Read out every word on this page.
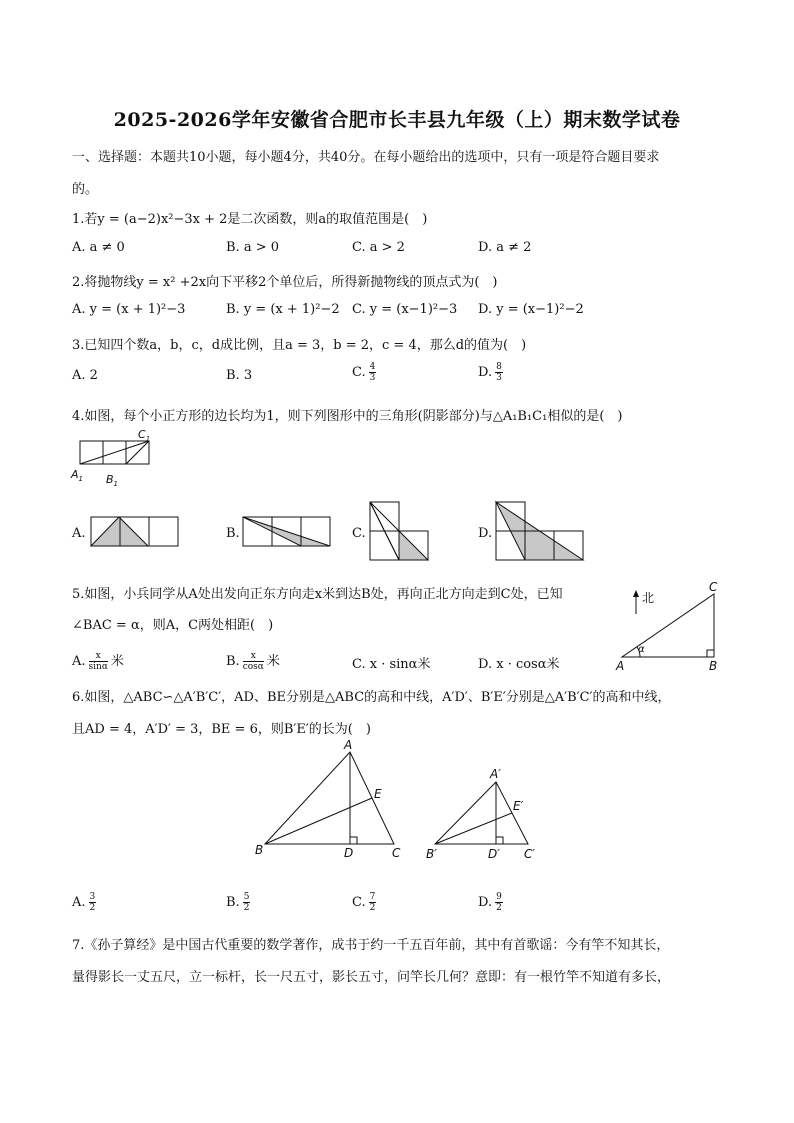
2025-2026学年安徽省合肥市长丰县九年级（上）期末数学试卷
一、选择题：本题共10小题，每小题4分，共40分。在每小题给出的选项中，只有一项是符合题目要求
的。
1.若y = (a−2)x²−3x + 2是二次函数，则a的取值范围是(　)
A. a ≠ 0	B. a > 0	C. a > 2	D. a ≠ 2
2.将抛物线y = x² +2x向下平移2个单位后，所得新抛物线的顶点式为(　)
A. y = (x + 1)²−3	B. y = (x + 1)²−2 C. y = (x−1)²−3 D. y = (x−1)²−2
3.已知四个数a，b，c，d成比例，且a = 3，b = 2，c = 4，那么d的值为(　)
A. 2	B. 3	C. $\frac{4}{3}$	D. $\frac{8}{3}$
4.如图，每个小正方形的边长均为1，则下列图形中的三角形(阴影部分)与△A₁B₁C₁相似的是(　)
$A_1$ $B_1$
$C_1$
A.	B.	C.	D.
5.如图，小兵同学从A处出发向正东方向走x米到达B处，再向正北方向走到C处，已知
∠BAC = α，则A，C两处相距(　)
A. $\frac{x}{\sin\alpha}$ 米	B. $\frac{x}{\cos\alpha}$ 米	C. x · sinα米	D. x · cosα米
北
α
A	B
C
6.如图，△ABC∽△A′B′C′，AD、BE分别是△ABC的高和中线，A′D′、B′E′分别是△A′B′C′的高和中线，
且AD = 4，A′D′ = 3，BE = 6，则B′E′的长为(　)
A
B	C
D
E
A′
B′	C′
D′
E′
A. $\frac{3}{2}$	B. $\frac{5}{2}$	C. $\frac{7}{2}$	D. $\frac{9}{2}$
7.《孙子算经》是中国古代重要的数学著作，成书于约一千五百年前，其中有首歌谣：今有竿不知其长，
量得影长一丈五尺，立一标杆，长一尺五寸，影长五寸，问竿长几何？意即：有一根竹竿不知道有多长，
